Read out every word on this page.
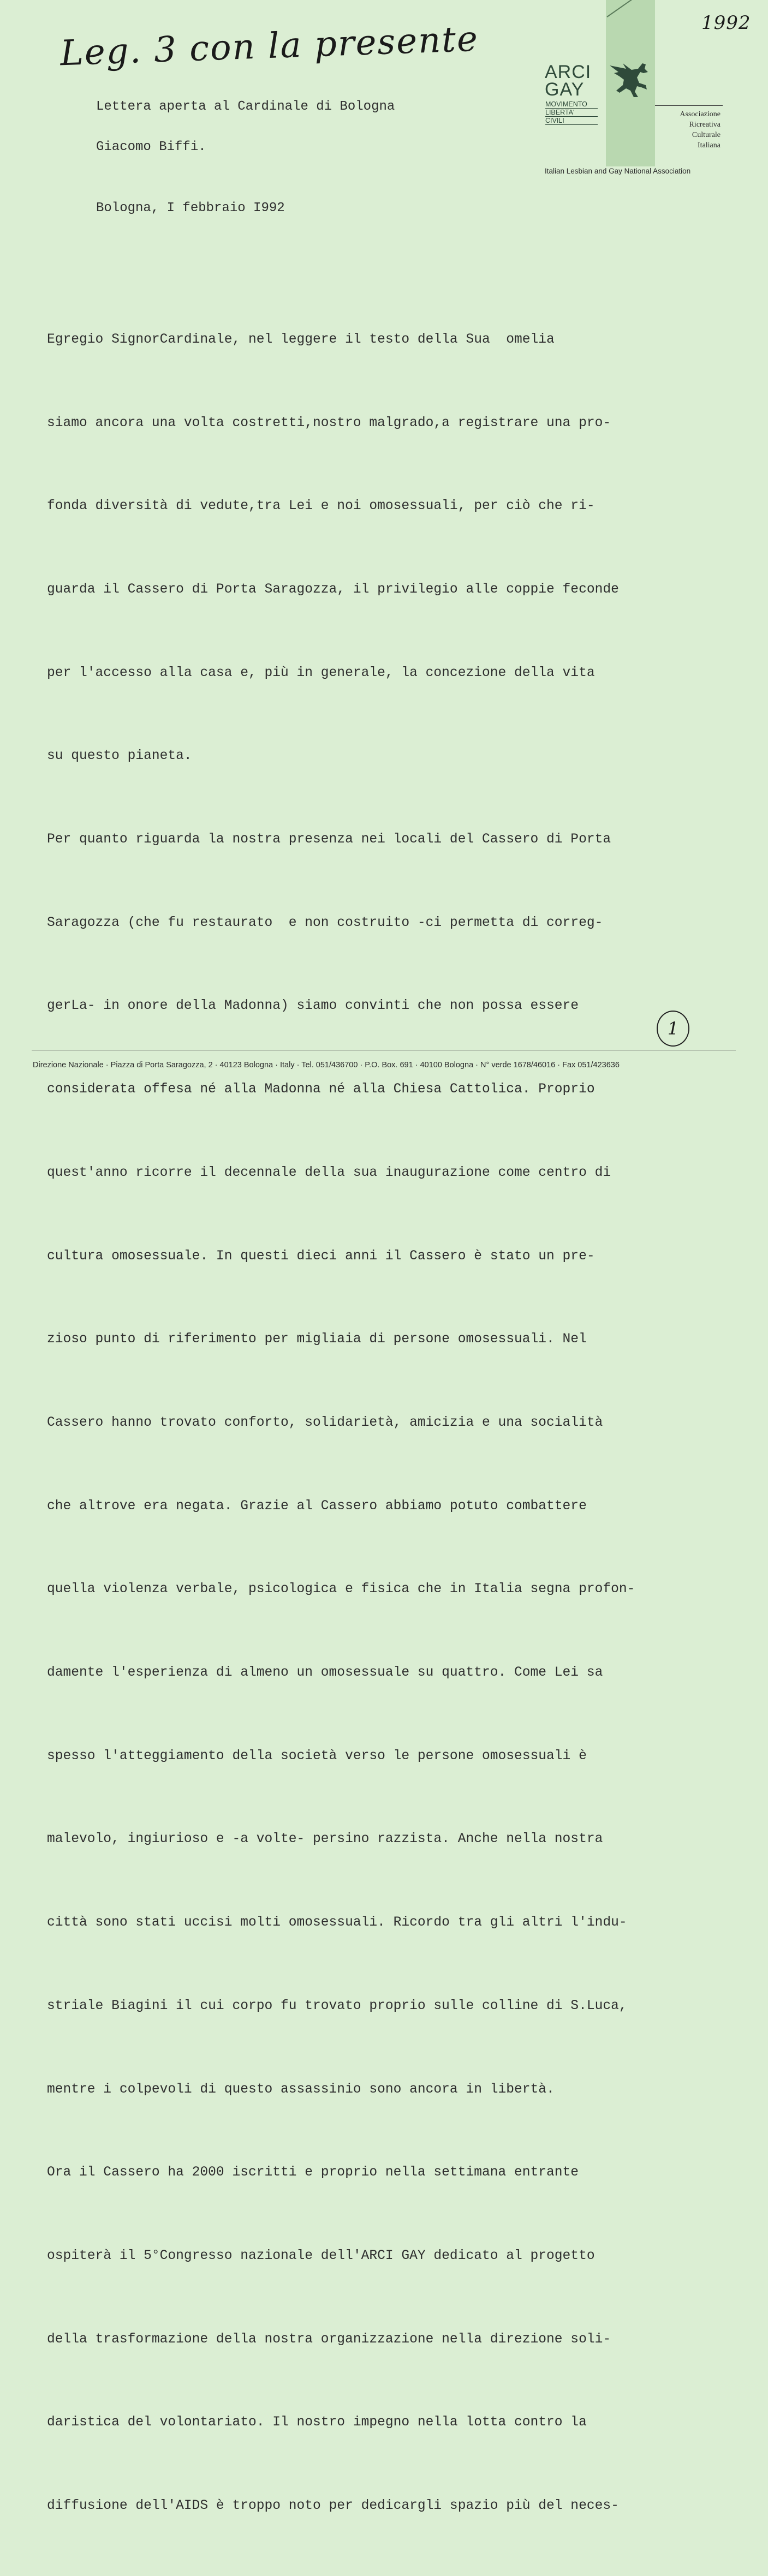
Leg. 3 con la presente	1992
ARCI
GAY
MOVIMENTO
LIBERTA'
CIVILI
Associazione
Ricreativa
Culturale
Italiana
Italian Lesbian and Gay National Association
Lettera aperta al Cardinale di Bologna
Giacomo Biffi.
Bologna, I febbraio I992

Egregio SignorCardinale, nel leggere il testo della Sua  omelia

siamo ancora una volta costretti,nostro malgrado,a registrare una pro-

fonda diversità di vedute,tra Lei e noi omosessuali, per ciò che ri-

guarda il Cassero di Porta Saragozza, il privilegio alle coppie feconde

per l'accesso alla casa e, più in generale, la concezione della vita

su questo pianeta.

Per quanto riguarda la nostra presenza nei locali del Cassero di Porta

Saragozza (che fu restaurato  e non costruito -ci permetta di correg-

gerLa- in onore della Madonna) siamo convinti che non possa essere

considerata offesa né alla Madonna né alla Chiesa Cattolica. Proprio

quest'anno ricorre il decennale della sua inaugurazione come centro di

cultura omosessuale. In questi dieci anni il Cassero è stato un pre-

zioso punto di riferimento per migliaia di persone omosessuali. Nel

Cassero hanno trovato conforto, solidarietà, amicizia e una socialità

che altrove era negata. Grazie al Cassero abbiamo potuto combattere

quella violenza verbale, psicologica e fisica che in Italia segna profon-

damente l'esperienza di almeno un omosessuale su quattro. Come Lei sa

spesso l'atteggiamento della società verso le persone omosessuali è

malevolo, ingiurioso e -a volte- persino razzista. Anche nella nostra

città sono stati uccisi molti omosessuali. Ricordo tra gli altri l'indu-

striale Biagini il cui corpo fu trovato proprio sulle colline di S.Luca,

mentre i colpevoli di questo assassinio sono ancora in libertà.

Ora il Cassero ha 2000 iscritti e proprio nella settimana entrante

ospiterà il 5°Congresso nazionale dell'ARCI GAY dedicato al progetto

della trasformazione della nostra organizzazione nella direzione soli-

daristica del volontariato. Il nostro impegno nella lotta contro la

diffusione dell'AIDS è troppo noto per dedicargli spazio più del neces-

1
Direzione Nazionale · Piazza di Porta Saragozza, 2 · 40123 Bologna · Italy · Tel. 051/436700 · P.O. Box. 691 · 40100 Bologna · N° verde 1678/46016 · Fax 051/423636
